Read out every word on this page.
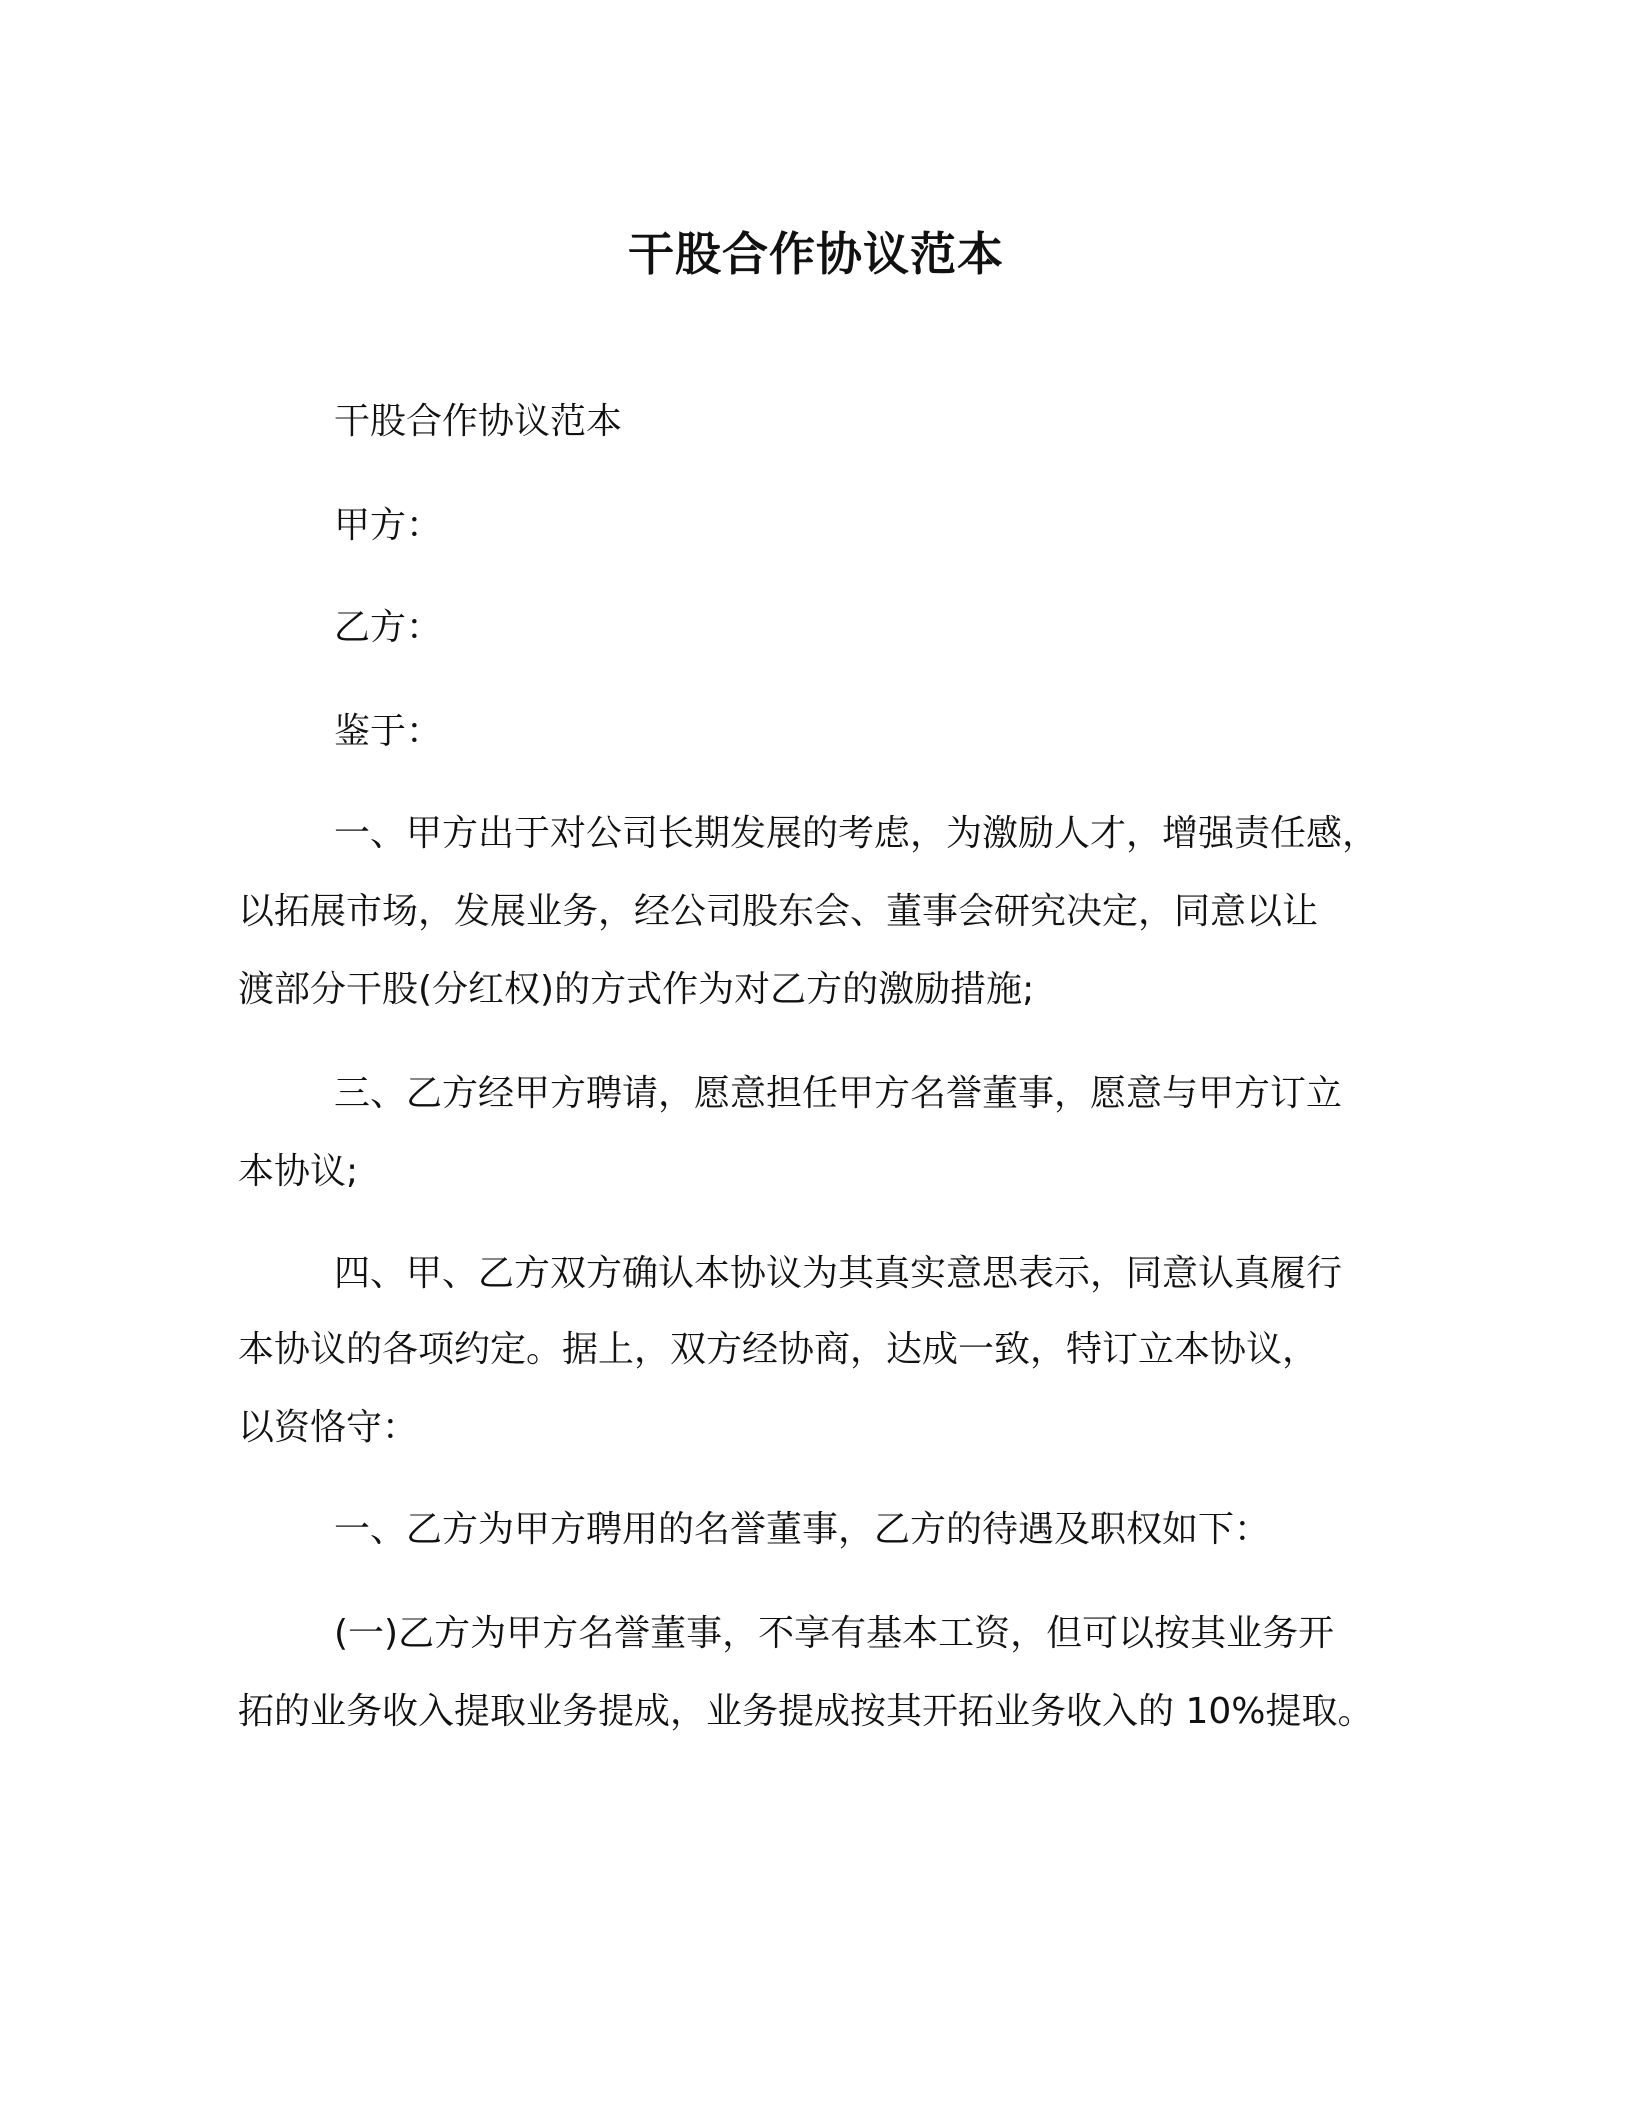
干股合作协议范本
干股合作协议范本
甲方：
乙方：
鉴于：
一、甲方出于对公司长期发展的考虑，为激励人才，增强责任感，
以拓展市场，发展业务，经公司股东会、董事会研究决定，同意以让
渡部分干股(分红权)的方式作为对乙方的激励措施;
三、乙方经甲方聘请，愿意担任甲方名誉董事，愿意与甲方订立
本协议;
四、甲、乙方双方确认本协议为其真实意思表示，同意认真履行
本协议的各项约定。据上，双方经协商，达成一致，特订立本协议，
以资恪守：
一、乙方为甲方聘用的名誉董事，乙方的待遇及职权如下：
(一)乙方为甲方名誉董事，不享有基本工资，但可以按其业务开
拓的业务收入提取业务提成，业务提成按其开拓业务收入的 10%提取。
